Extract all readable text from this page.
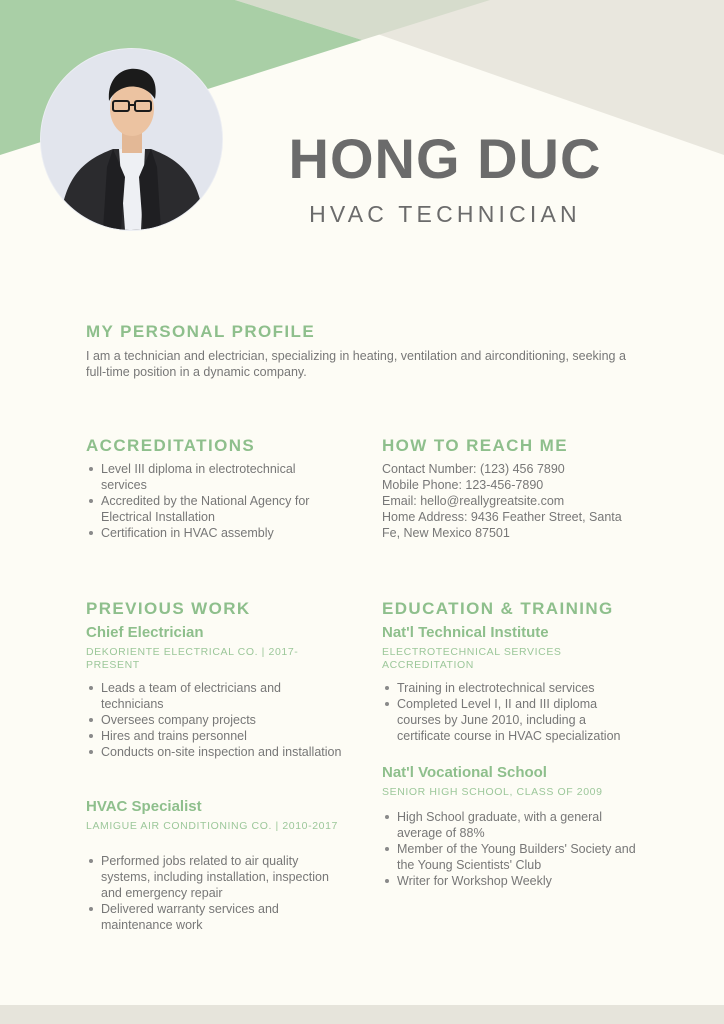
HONG DUC
HVAC TECHNICIAN
MY PERSONAL PROFILE
I am a technician and electrician, specializing in heating, ventilation and airconditioning, seeking a full-time position in a dynamic company.
ACCREDITATIONS
Level III diploma in electrotechnical services
Accredited by the National Agency for Electrical Installation
Certification in HVAC assembly
HOW TO REACH ME
Contact Number: (123) 456 7890
Mobile Phone: 123-456-7890
Email: hello@reallygreatsite.com
Home Address: 9436 Feather Street, Santa Fe, New Mexico 87501
PREVIOUS WORK
Chief Electrician
DEKORIENTE ELECTRICAL CO. | 2017-PRESENT
Leads a team of electricians and technicians
Oversees company projects
Hires and trains personnel
Conducts on-site inspection and installation
HVAC Specialist
LAMIGUE AIR CONDITIONING CO. | 2010-2017
Performed jobs related to air quality systems, including installation, inspection and emergency repair
Delivered warranty services and maintenance work
EDUCATION & TRAINING
Nat'l Technical Institute
ELECTROTECHNICAL SERVICES ACCREDITATION
Training in electrotechnical services
Completed Level I, II and III diploma courses by June 2010, including a certificate course in HVAC specialization
Nat'l Vocational School
SENIOR HIGH SCHOOL, CLASS OF 2009
High School graduate, with a general average of 88%
Member of the Young Builders' Society and the Young Scientists' Club
Writer for Workshop Weekly
